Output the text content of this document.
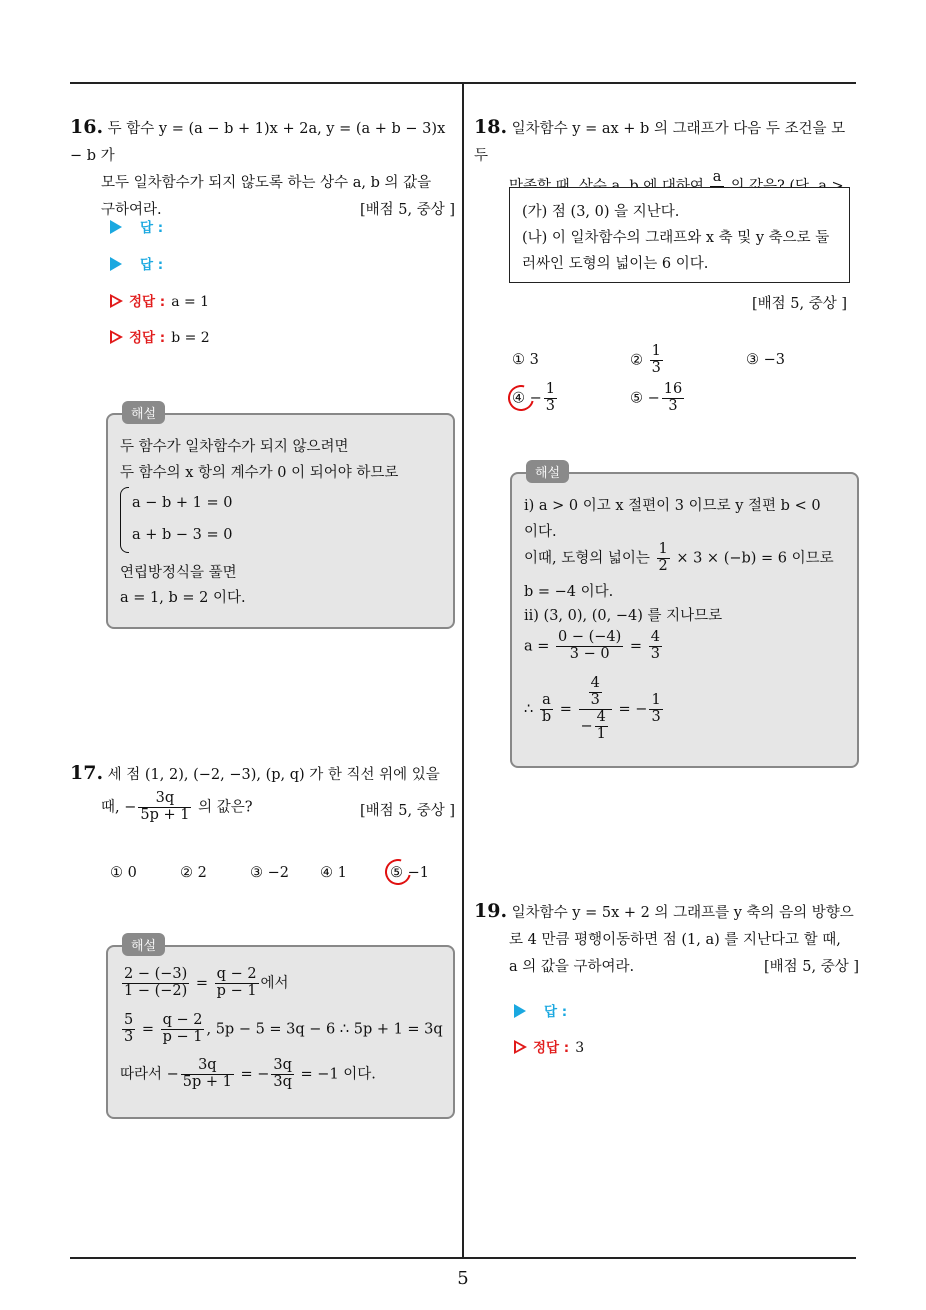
5
16. 두 함수 y = (a − b + 1)x + 2a, y = (a + b − 3)x − b 가
모두 일차함수가 되지 않도록 하는 상수 a, b 의 값을
구하여라.	[배점 5, 중상 ]
답 :
답 :
정답 : a = 1
정답 : b = 2
해설
두 함수가 일차함수가 되지 않으려면
두 함수의 x 항의 계수가 0 이 되어야 하므로
a − b + 1 = 0
a + b − 3 = 0
연립방정식을 풀면
a = 1, b = 2 이다.
17. 세 점 (1, 2), (−2, −3), (p, q) 가 한 직선 위에 있을
때, − $\frac{3q}{5p + 1}$ 의 값은?	[배점 5, 중상 ]
① 0	② 2	③ −2 ④ 1	⑤ −1
해설
$\frac{2 - (-3)}{1 - (-2)} = \frac{q - 2}{p - 1}$ 에서
$\frac{5}{3} = \frac{q - 2}{p - 1}$ , 5p − 5 = 3q − 6 ∴ 5p + 1 = 3q
따라서 − $\frac{3q}{5p + 1}$ = − $\frac{3q}{3q} = -1$ 이다.
18. 일차함수 y = ax + b 의 그래프가 다음 두 조건을 모두
a
(가) 점 (3, 0) 을 지난다.
(나) 이 일차함수의 그래프와 x 축 및 y 축으로 둘
러싸인 도형의 넓이는 6 이다.
[배점 5, 중상 ]
① 3	② $\frac{1}{3}$	③ −3
④ − $\frac{1}{3}$	⑤ − $\frac{16}{3}$
해설
ⅰ) a > 0 이고 x 절편이 3 이므로 y 절편 b < 0
이다.
이때, 도형의 넓이는 $\frac{1}{2} \times 3 \times (-b) = 6$ 이므로
b = −4 이다.
ⅱ) (3, 0), (0, −4) 를 지나므로
$a = \frac{0 - (-4)}{3 - 0} = \frac{4}{3}$
∴ $\frac{a}{b} = \frac{\frac{4}{3}}{- \frac{4}{1}}$ = − $\frac{1}{3}$
19. 일차함수 y = 5x + 2 의 그래프를 y 축의 음의 방향으
로 4 만큼 평행이동하면 점 (1, a) 를 지난다고 할 때,
a 의 값을 구하여라.	[배점 5, 중상 ]
답 :
정답 : 3
